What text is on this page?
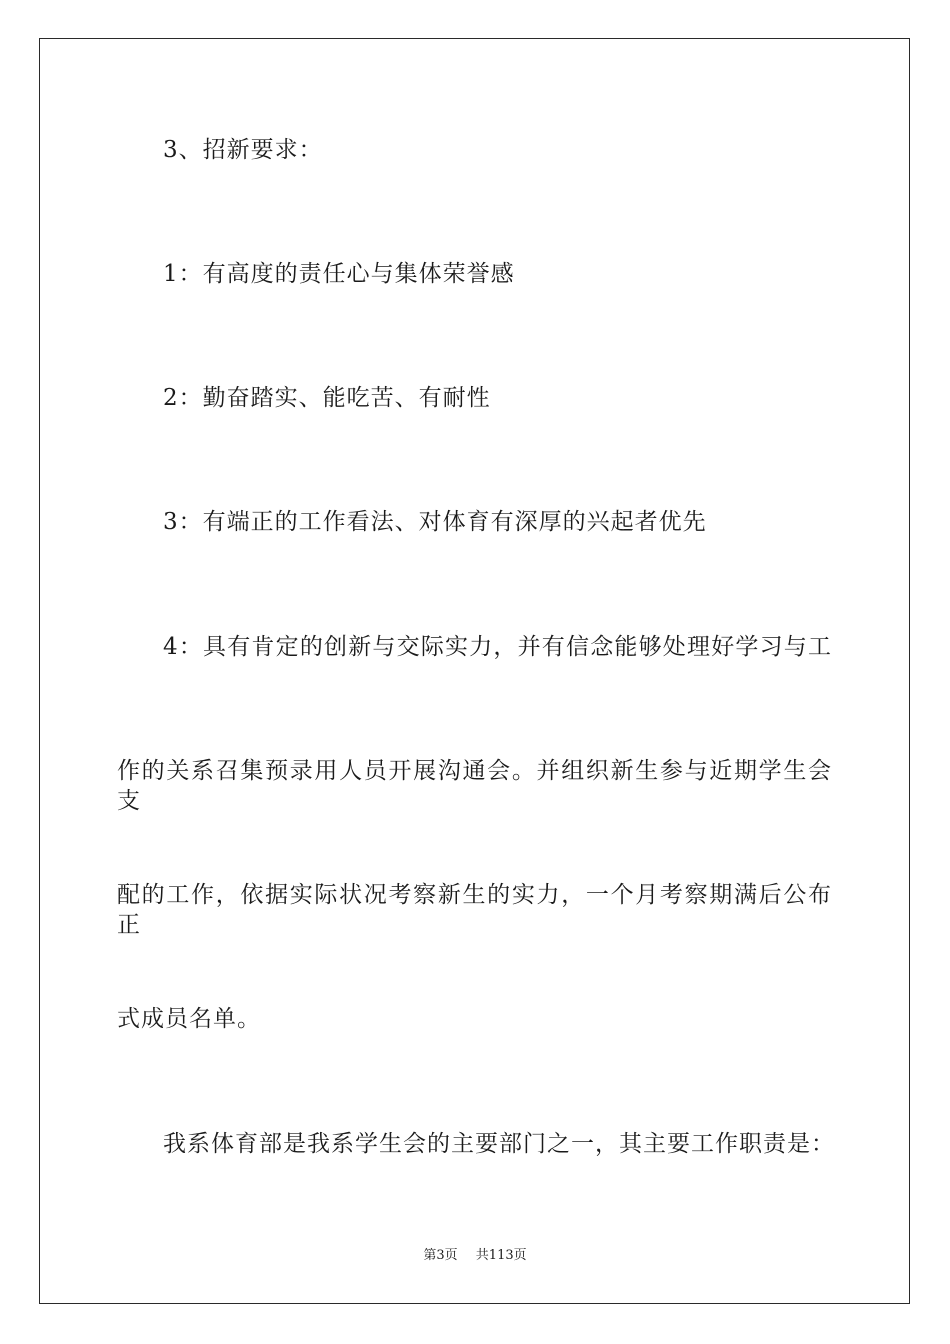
3、招新要求：
1：有高度的责任心与集体荣誉感
2：勤奋踏实、能吃苦、有耐性
3：有端正的工作看法、对体育有深厚的兴起者优先
4：具有肯定的创新与交际实力，并有信念能够处理好学习与工
作的关系召集预录用人员开展沟通会。并组织新生参与近期学生会支
配的工作，依据实际状况考察新生的实力，一个月考察期满后公布正
式成员名单。
我系体育部是我系学生会的主要部门之一，其主要工作职责是：
第3页 共113页
